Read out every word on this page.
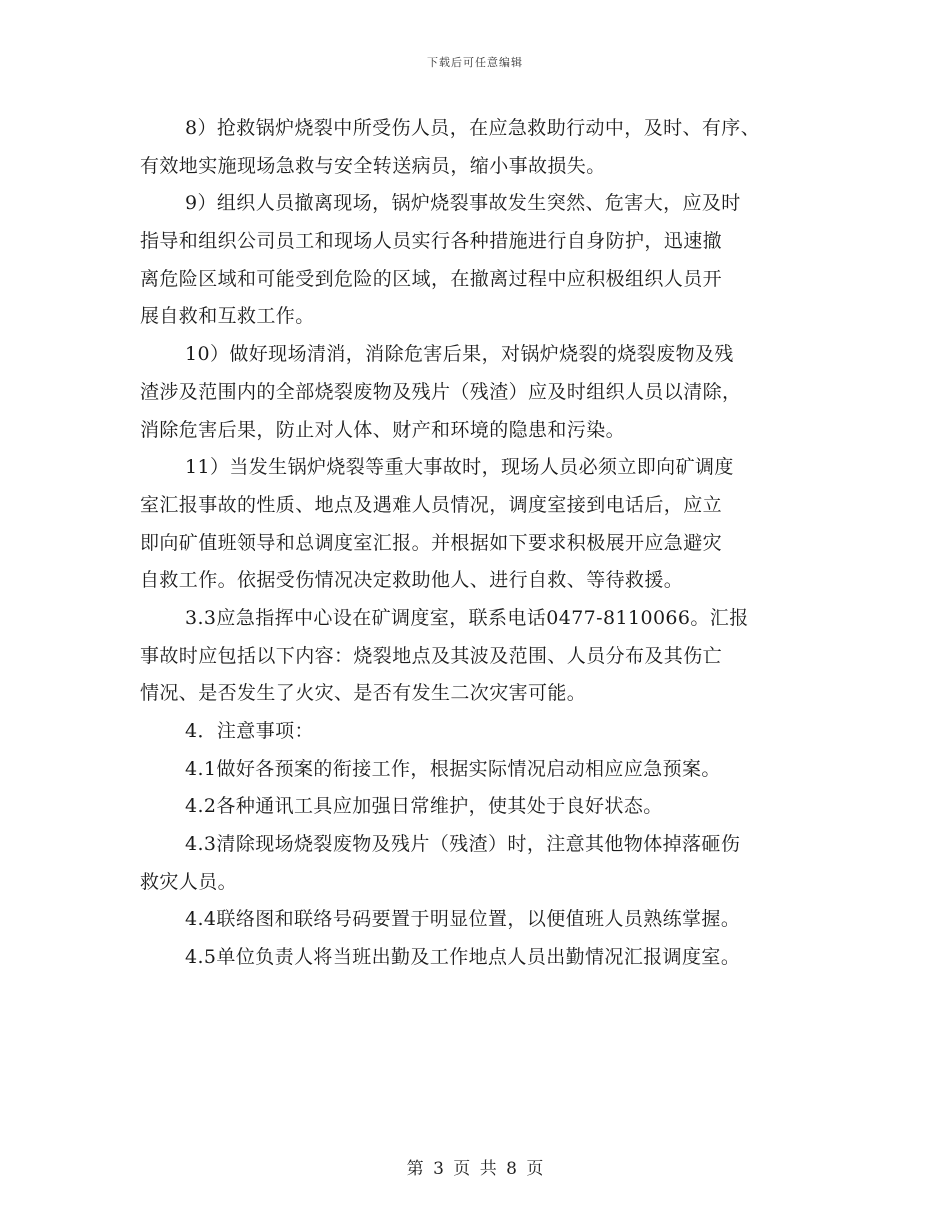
下载后可任意编辑
8）抢救锅炉烧裂中所受伤人员，在应急救助行动中，及时、有序、
有效地实施现场急救与安全转送病员，缩小事故损失。
9）组织人员撤离现场，锅炉烧裂事故发生突然、危害大，应及时
指导和组织公司员工和现场人员实行各种措施进行自身防护，迅速撤
离危险区域和可能受到危险的区域，在撤离过程中应积极组织人员开
展自救和互救工作。
10）做好现场清消，消除危害后果，对锅炉烧裂的烧裂废物及残
渣涉及范围内的全部烧裂废物及残片（残渣）应及时组织人员以清除，
消除危害后果，防止对人体、财产和环境的隐患和污染。
11）当发生锅炉烧裂等重大事故时，现场人员必须立即向矿调度
室汇报事故的性质、地点及遇难人员情况，调度室接到电话后，应立
即向矿值班领导和总调度室汇报。并根据如下要求积极展开应急避灾
自救工作。依据受伤情况决定救助他人、进行自救、等待救援。
3.3应急指挥中心设在矿调度室，联系电话0477-8110066。汇报
事故时应包括以下内容：烧裂地点及其波及范围、人员分布及其伤亡
情况、是否发生了火灾、是否有发生二次灾害可能。
4．注意事项：
4.1做好各预案的衔接工作，根据实际情况启动相应应急预案。
4.2各种通讯工具应加强日常维护，使其处于良好状态。
4.3清除现场烧裂废物及残片（残渣）时，注意其他物体掉落砸伤
救灾人员。
4.4联络图和联络号码要置于明显位置，以便值班人员熟练掌握。
4.5单位负责人将当班出勤及工作地点人员出勤情况汇报调度室。
第 3 页 共 8 页
